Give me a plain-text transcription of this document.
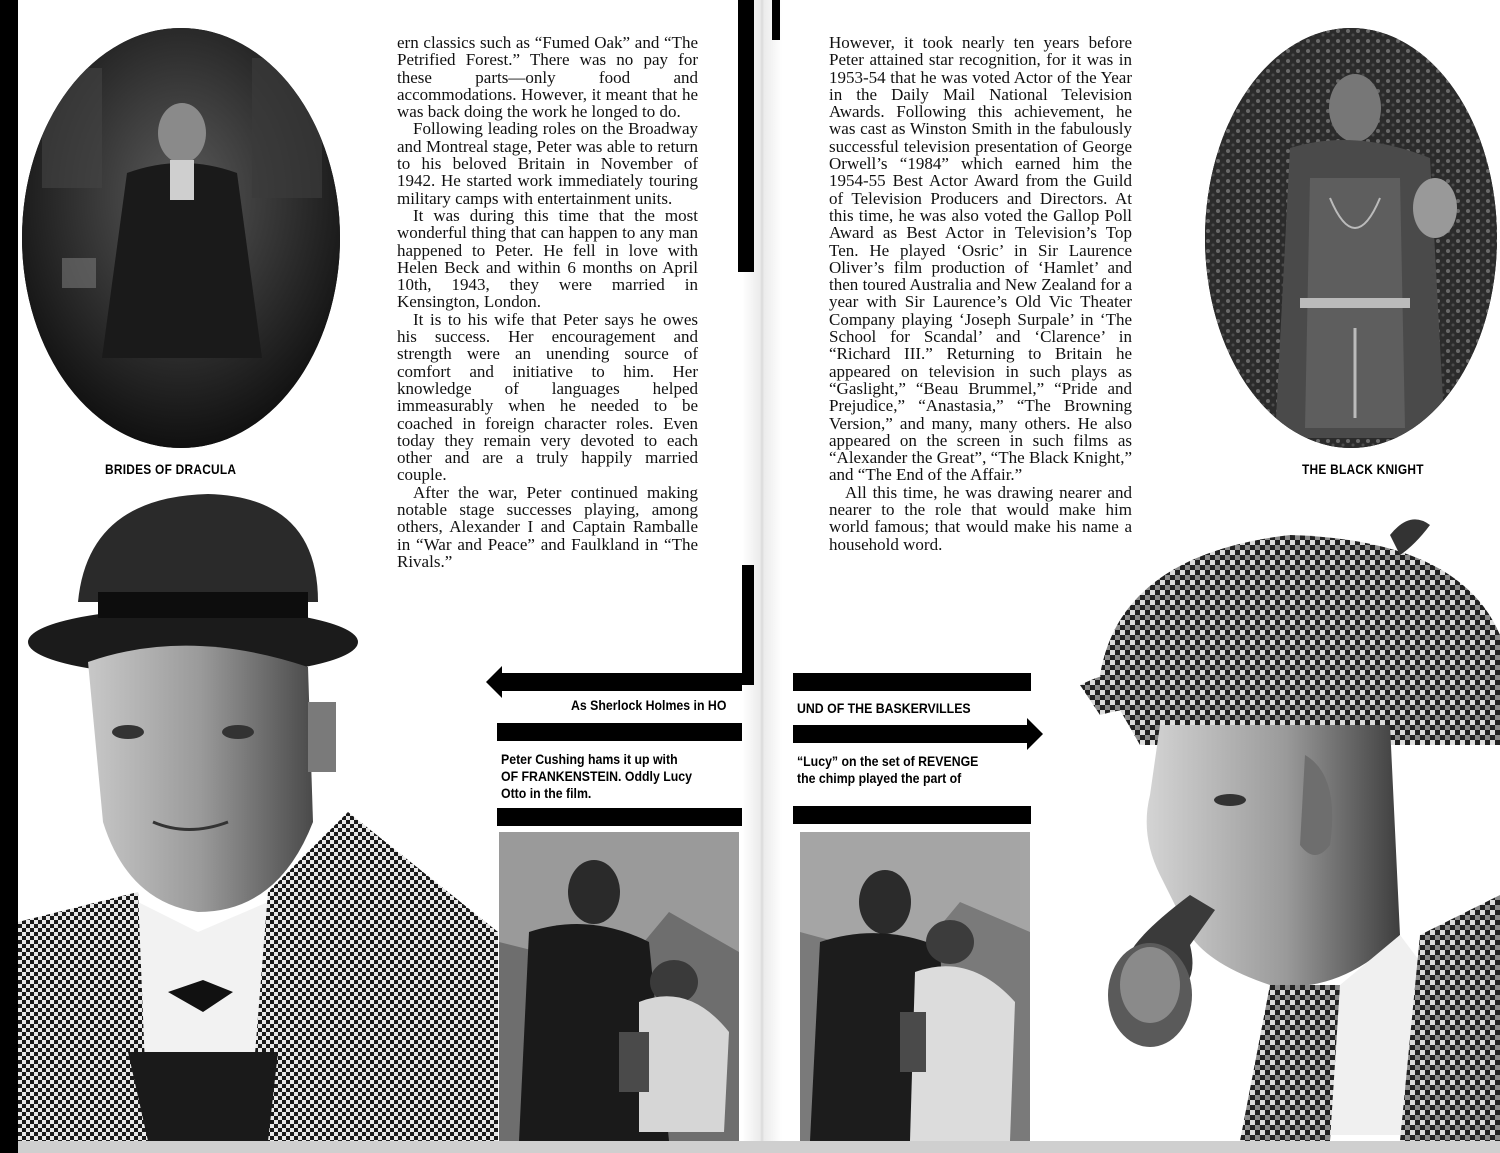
BRIDES OF DRACULA

ern classics such as “Fumed Oak” and “The Petrified Forest.” There was no pay for these parts—only food and accommodations. However, it meant that he was back doing the work he longed to do.

Following leading roles on the Broadway and Montreal stage, Peter was able to return to his beloved Britain in November of 1942. He started work immediately touring military camps with entertainment units.

It was during this time that the most wonderful thing that can happen to any man happened to Peter. He fell in love with Helen Beck and within 6 months on April 10th, 1943, they were married in Kensington, London.

It is to his wife that Peter says he owes his success. Her encouragement and strength were an unending source of comfort and initiative to him. Her knowledge of languages helped immeasurably when he needed to be coached in foreign character roles. Even today they remain very devoted to each other and are a truly happily married couple.

After the war, Peter continued making notable stage successes playing, among others, Alexander I and Captain Ramballe in “War and Peace” and Faulkland in “The Rivals.”

As Sherlock Holmes in HO
Peter Cushing hams it up with
OF FRANKENSTEIN. Oddly Lucy
Otto in the film.
THE BLACK KNIGHT

However, it took nearly ten years before Peter attained star recognition, for it was in 1953-54 that he was voted Actor of the Year in the Daily Mail National Television Awards. Following this achievement, he was cast as Winston Smith in the fabulously successful television presentation of George Orwell’s “1984” which earned him the 1954-55 Best Actor Award from the Guild of Television Producers and Directors. At this time, he was also voted the Gallop Poll Award as Best Actor in Television’s Top Ten. He played ‘Osric’ in Sir Laurence Oliver’s film production of ‘Hamlet’ and then toured Australia and New Zealand for a year with Sir Laurence’s Old Vic Theater Company playing ‘Joseph Surpale’ in ‘The School for Scandal’ and ‘Clarence’ in “Richard III.” Returning to Britain he appeared on television in such plays as “Gaslight,” “Beau Brummel,” “Pride and Prejudice,” “Anastasia,” “The Browning Version,” and many, many others. He also appeared on the screen in such films as “Alexander the Great”, “The Black Knight,” and “The End of the Affair.”

All this time, he was drawing nearer and nearer to the role that would make him world famous; that would make his name a household word.

UND OF THE BASKERVILLES
“Lucy” on the set of REVENGE
the chimp played the part of
